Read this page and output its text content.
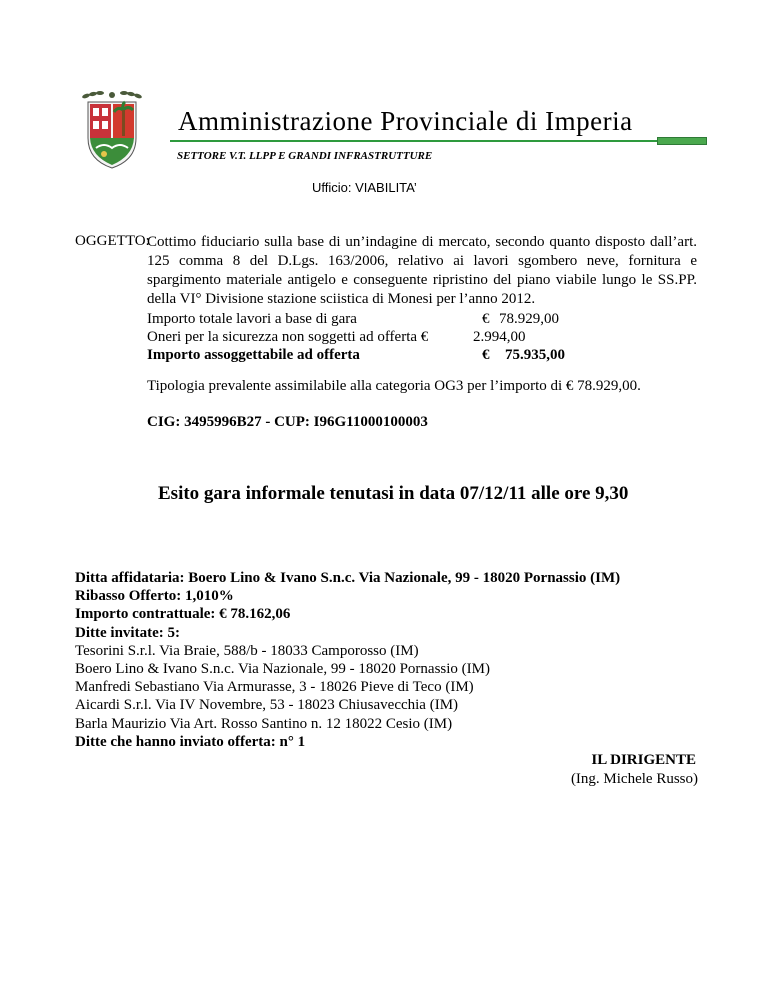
Amministrazione Provinciale di Imperia
SETTORE V.T. LLPP E GRANDI INFRASTRUTTURE
Ufficio: VIABILITA’
OGGETTO:
Cottimo fiduciario sulla base di un’indagine di mercato, secondo quanto disposto dall’art. 125 comma 8 del D.Lgs. 163/2006, relativo ai lavori sgombero neve, fornitura e spargimento materiale antigelo e conseguente ripristino del piano viabile lungo le SS.PP. della VI° Divisione stazione sciistica di Monesi per l’anno 2012.
Importo totale lavori a base di gara	€ 78.929,00
Oneri per la sicurezza non soggetti ad offerta €	2.994,00
Importo assoggettabile ad offerta	€ 75.935,00
Tipologia prevalente assimilabile alla categoria OG3 per l’importo di € 78.929,00.
CIG: 3495996B27 - CUP: I96G11000100003
Esito gara informale tenutasi in data 07/12/11 alle ore 9,30
Ditta affidataria: Boero Lino & Ivano S.n.c. Via Nazionale, 99 - 18020 Pornassio (IM)
Ribasso Offerto: 1,010%
Importo contrattuale: € 78.162,06
Ditte invitate: 5:
Tesorini S.r.l. Via Braie, 588/b - 18033 Camporosso (IM)
Boero Lino & Ivano S.n.c. Via Nazionale, 99 - 18020 Pornassio (IM)
Manfredi Sebastiano Via Armurasse, 3 - 18026 Pieve di Teco (IM)
Aicardi S.r.l. Via IV Novembre, 53 - 18023 Chiusavecchia (IM)
Barla Maurizio Via Art. Rosso Santino n. 12 18022 Cesio (IM)
Ditte che hanno inviato offerta: n° 1
IL DIRIGENTE
(Ing. Michele Russo)
